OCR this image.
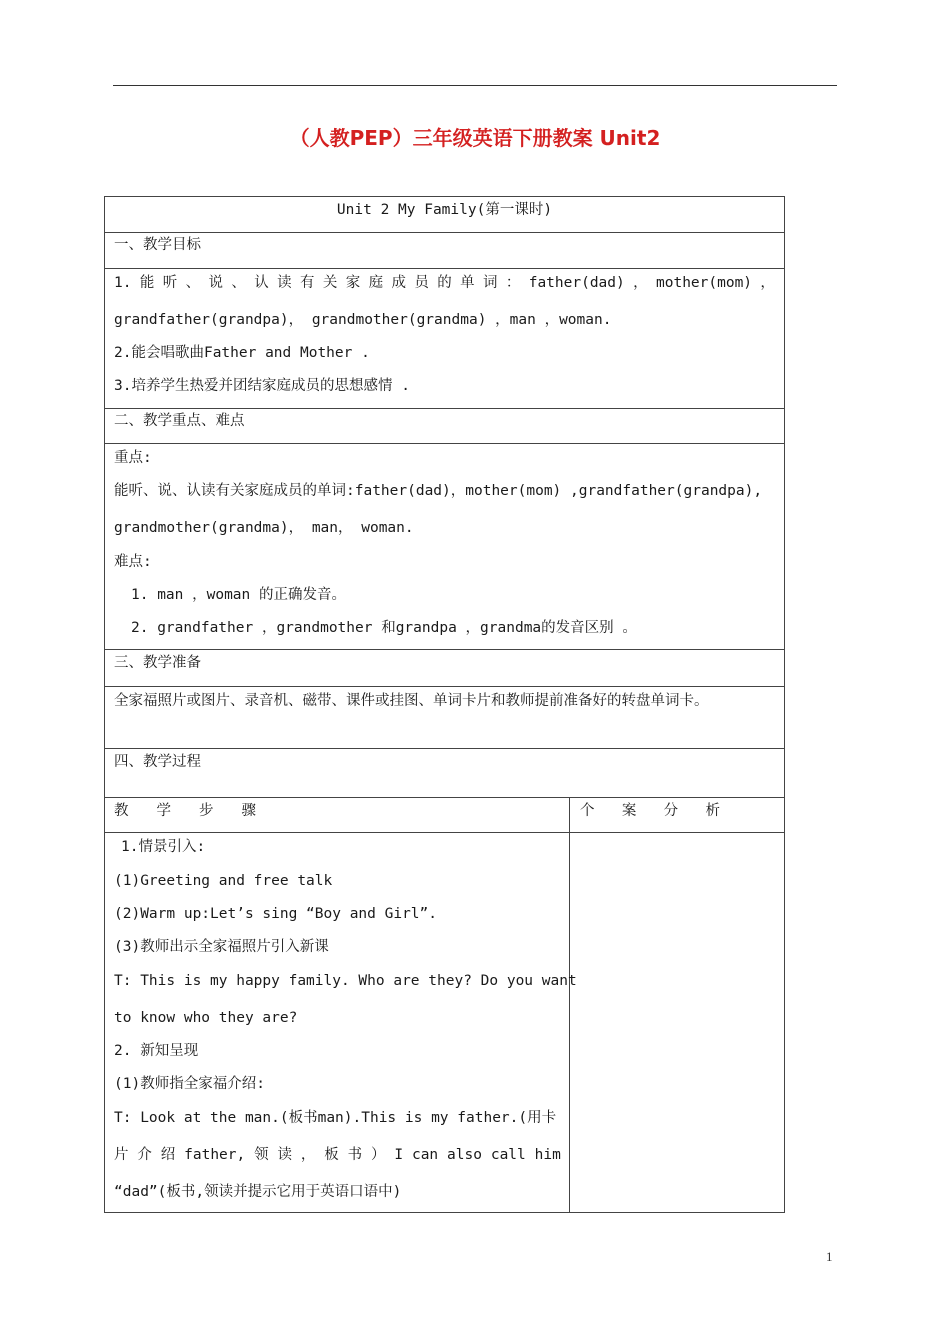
（人教PEP）三年级英语下册教案 Unit2
Unit 2 My Family(第一课时)
一、教学目标
1. 能 听 、 说 、 认 读 有 关 家 庭 成 员 的 单 词 ： father(dad) ， mother(mom) ，
grandfather(grandpa)， grandmother(grandma) ，man ，woman.
2.能会唱歌曲Father and Mother .
3.培养学生热爱并团结家庭成员的思想感情 .
二、教学重点、难点
重点:
能听、说、认读有关家庭成员的单词:father(dad)，mother(mom) ,grandfather(grandpa),
grandmother(grandma)， man， woman.
难点:
1. man ，woman 的正确发音。
2. grandfather ，grandmother 和grandpa ，grandma的发音区别 。
三、教学准备
全家福照片或图片、录音机、磁带、课件或挂图、单词卡片和教师提前准备好的转盘单词卡。
四、教学过程
教 学 步 骤	个 案 分 析
1.情景引入:
(1)Greeting and free talk
(2)Warm up:Let’s sing “Boy and Girl”.
(3)教师出示全家福照片引入新课
T: This is my happy family. Who are they? Do you want
to know who they are?
2. 新知呈现
(1)教师指全家福介绍:
T: Look at the man.(板书man).This is my father.(用卡
片 介 绍 father, 领 读 ， 板 书 ） I can also call him
“dad”(板书,领读并提示它用于英语口语中)
1
